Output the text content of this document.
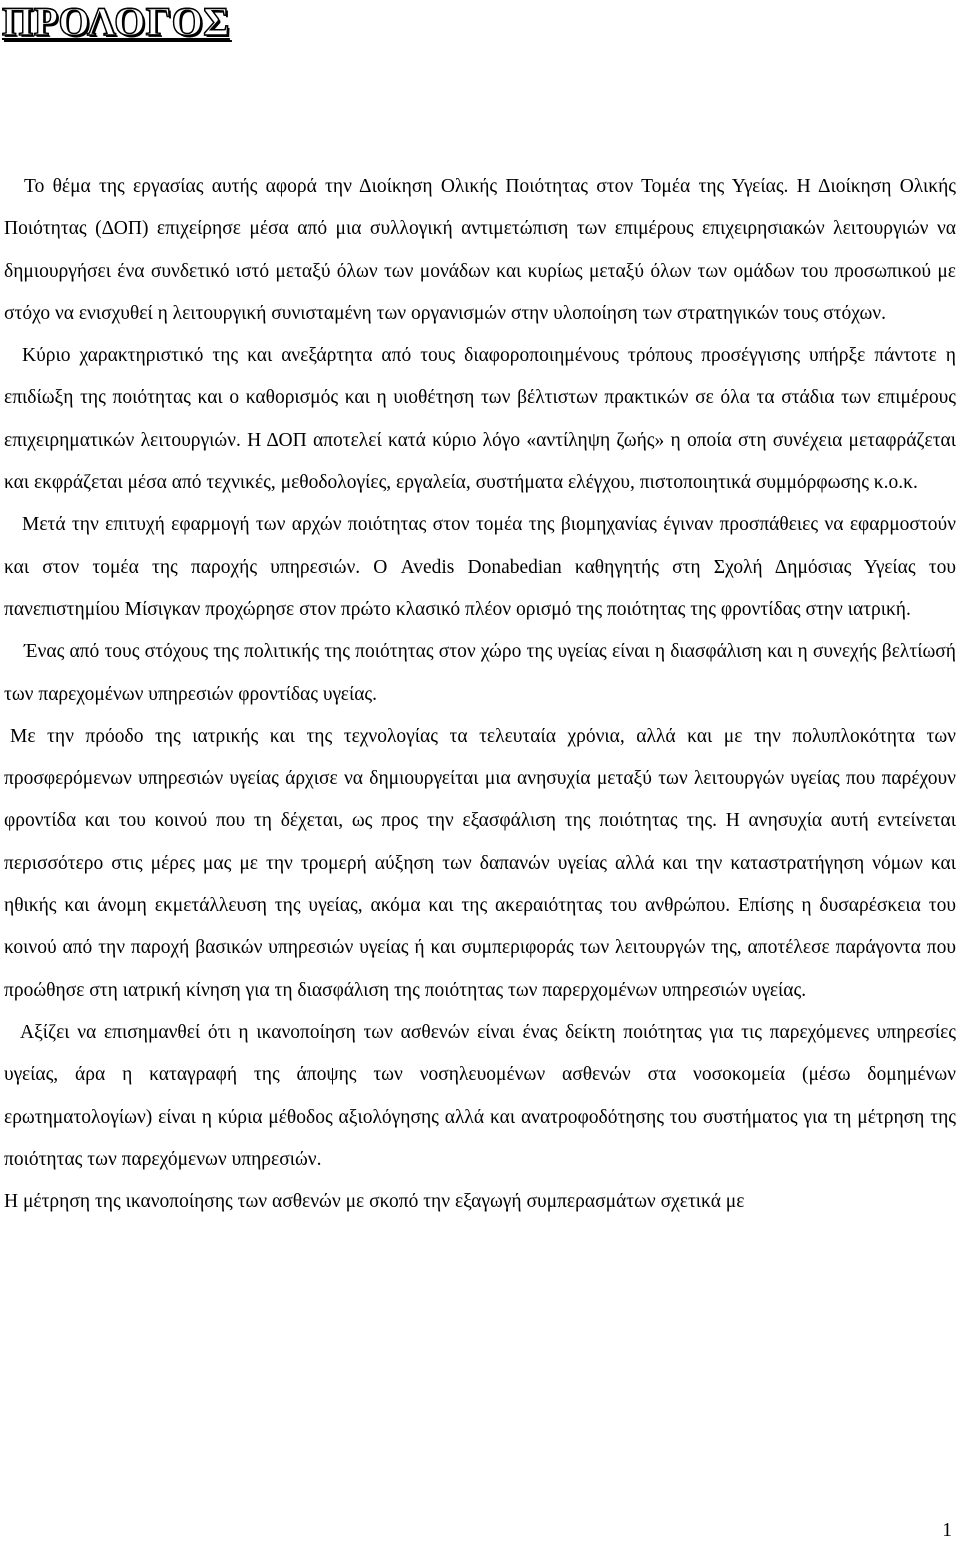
ΠΡΟΛΟΓΟΣ

Το θέμα της εργασίας αυτής αφορά την Διοίκηση Ολικής Ποιότητας στον Τομέα της Υγείας. Η Διοίκηση Ολικής Ποιότητας (ΔΟΠ) επιχείρησε μέσα από μια συλλογική αντιμετώπιση των επιμέρους επιχειρησιακών λειτουργιών να δημιουργήσει ένα συνδετικό ιστό μεταξύ όλων των μονάδων και κυρίως μεταξύ όλων των ομάδων του προσωπικού με στόχο να ενισχυθεί η λειτουργική συνισταμένη των οργανισμών στην υλοποίηση των στρατηγικών τους στόχων.

Κύριο χαρακτηριστικό της και ανεξάρτητα από τους διαφοροποιημένους τρόπους προσέγγισης υπήρξε πάντοτε η επιδίωξη της ποιότητας και ο καθορισμός και η υιοθέτηση των βέλτιστων πρακτικών σε όλα τα στάδια των επιμέρους επιχειρηματικών λειτουργιών. Η ΔΟΠ αποτελεί κατά κύριο λόγο «αντίληψη ζωής» η οποία στη συνέχεια μεταφράζεται και εκφράζεται μέσα από τεχνικές, μεθοδολογίες, εργαλεία, συστήματα ελέγχου, πιστοποιητικά συμμόρφωσης κ.ο.κ.

Μετά την επιτυχή εφαρμογή των αρχών ποιότητας στον τομέα της βιομηχανίας έγιναν προσπάθειες να εφαρμοστούν και στον τομέα της παροχής υπηρεσιών. Ο Avedis Donabedian καθηγητής στη Σχολή Δημόσιας Υγείας του πανεπιστημίου Μίσιγκαν προχώρησε στον πρώτο κλασικό πλέον ορισμό της ποιότητας της φροντίδας στην ιατρική.

Ένας από τους στόχους της πολιτικής της ποιότητας στον χώρο της υγείας είναι η διασφάλιση και η συνεχής βελτίωσή των παρεχομένων υπηρεσιών φροντίδας υγείας.

Με την πρόοδο της ιατρικής και της τεχνολογίας τα τελευταία χρόνια, αλλά και με την πολυπλοκότητα των προσφερόμενων υπηρεσιών υγείας άρχισε να δημιουργείται μια ανησυχία μεταξύ των λειτουργών υγείας που παρέχουν φροντίδα και του κοινού που τη δέχεται, ως προς την εξασφάλιση της ποιότητας της. Η ανησυχία αυτή εντείνεται περισσότερο στις μέρες μας με την τρομερή αύξηση των δαπανών υγείας αλλά και την καταστρατήγηση νόμων και ηθικής και άνομη εκμετάλλευση της υγείας, ακόμα και της ακεραιότητας του ανθρώπου. Επίσης η δυσαρέσκεια του κοινού από την παροχή βασικών υπηρεσιών υγείας ή και συμπεριφοράς των λειτουργών της, αποτέλεσε παράγοντα που προώθησε στη ιατρική κίνηση για τη διασφάλιση της ποιότητας των παρερχομένων υπηρεσιών υγείας.

Αξίζει να επισημανθεί ότι η ικανοποίηση των ασθενών είναι ένας δείκτη ποιότητας για τις παρεχόμενες υπηρεσίες υγείας, άρα η καταγραφή της άποψης των νοσηλευομένων ασθενών στα νοσοκομεία (μέσω δομημένων ερωτηματολογίων) είναι η κύρια μέθοδος αξιολόγησης αλλά και ανατροφοδότησης του συστήματος για τη μέτρηση της ποιότητας των παρεχόμενων υπηρεσιών.

Η μέτρηση της ικανοποίησης των ασθενών με σκοπό την εξαγωγή συμπερασμάτων σχετικά με

1
